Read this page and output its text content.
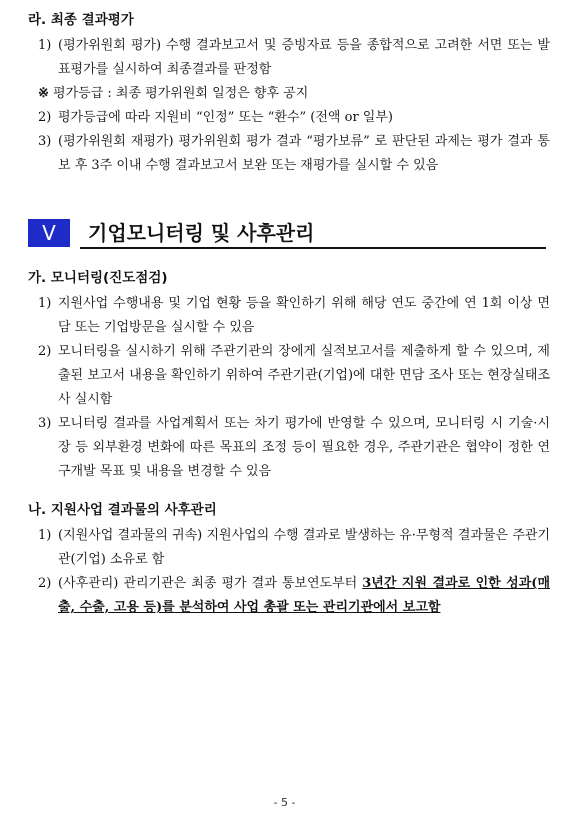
라. 최종 결과평가
1) (평가위원회 평가) 수행 결과보고서 및 증빙자료 등을 종합적으로 고려한 서면 또는 발표평가를 실시하여 최종결과를 판정함
※ 평가등급 : 최종 평가위원회 일정은 향후 공지
2) 평가등급에 따라 지원비 “인정” 또는 “환수” (전액 or 일부)
3) (평가위원회 재평가) 평가위원회 평가 결과 “평가보류” 로 판단된 과제는 평가 결과 통보 후 3주 이내 수행 결과보고서 보완 또는 재평가를 실시할 수 있음
V	기업모니터링 및 사후관리
가. 모니터링(진도점검)
1) 지원사업 수행내용 및 기업 현황 등을 확인하기 위해 해당 연도 중간에 연 1회 이상 면담 또는 기업방문을 실시할 수 있음
2) 모니터링을 실시하기 위해 주관기관의 장에게 실적보고서를 제출하게 할 수 있으며, 제출된 보고서 내용을 확인하기 위하여 주관기관(기업)에 대한 면담 조사 또는 현장실태조사 실시함
3) 모니터링 결과를 사업계획서 또는 차기 평가에 반영할 수 있으며, 모니터링 시 기술·시장 등 외부환경 변화에 따른 목표의 조정 등이 필요한 경우, 주관기관은 협약이 정한 연구개발 목표 및 내용을 변경할 수 있음
나. 지원사업 결과물의 사후관리
1) (지원사업 결과물의 귀속) 지원사업의 수행 결과로 발생하는 유·무형적 결과물은 주관기관(기업) 소유로 함
2) (사후관리) 관리기관은 최종 평가 결과 통보연도부터 3년간 지원 결과로 인한 성과(매출, 수출, 고용 등)를 분석하여 사업 총괄 또는 관리기관에서 보고함
- 5 -
